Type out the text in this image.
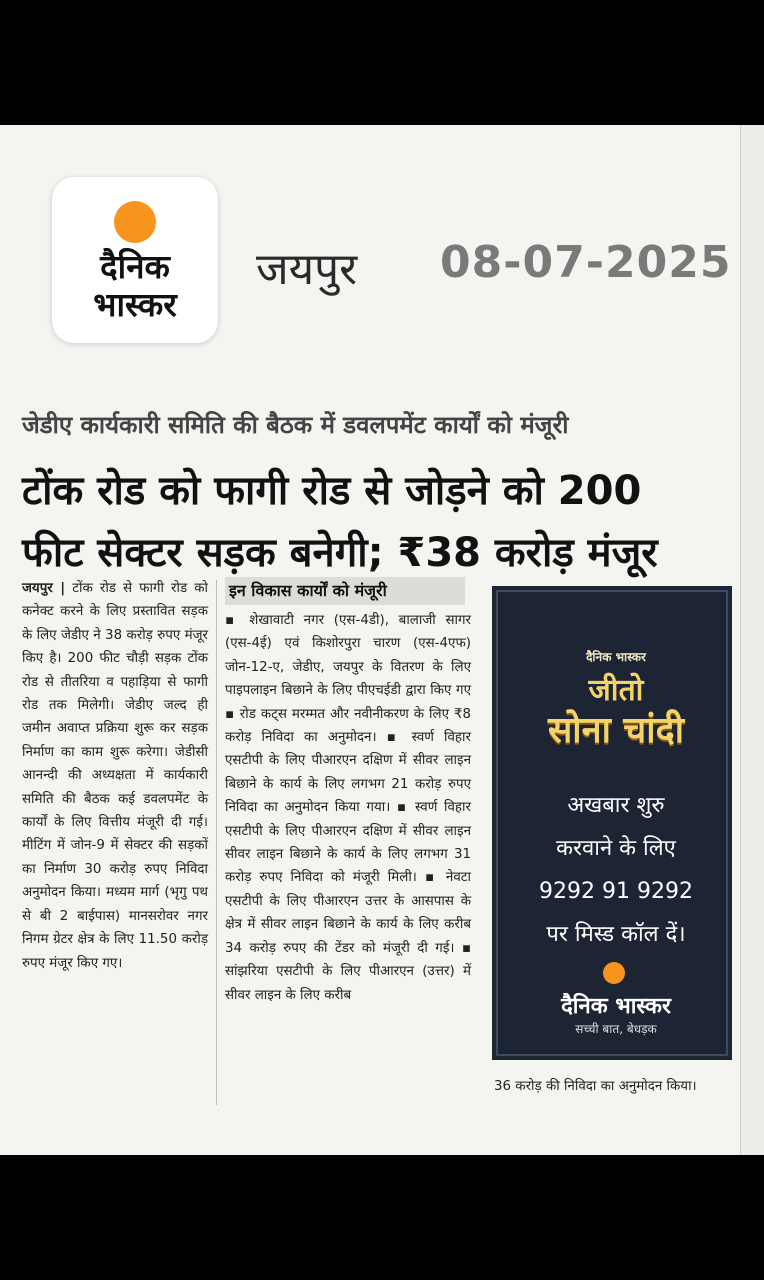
दैनिक
भास्कर
जयपुर 08-07-2025
जेडीए कार्यकारी समिति की बैठक में डवलपमेंट कार्यों को मंजूरी
टोंक रोड को फागी रोड से जोड़ने को 200
फीट सेक्टर सड़क बनेगी; ₹38 करोड़ मंजूर
जयपुर | टोंक रोड से फागी रोड को कनेक्ट करने के लिए प्रस्तावित सड़क के लिए जेडीए ने 38 करोड़ रुपए मंजूर किए है। 200 फीट चौड़ी सड़क टोंक रोड से तीतरिया व पहाड़िया से फागी रोड तक मिलेगी। जेडीए जल्द ही जमीन अवाप्त प्रक्रिया शुरू कर सड़क निर्माण का काम शुरू करेगा। जेडीसी आनन्दी की अध्यक्षता में कार्यकारी समिति की बैठक कई डवलपमेंट के कार्यों के लिए वित्तीय मंजूरी दी गई। मीटिंग में जोन-9 में सेक्टर की सड़कों का निर्माण 30 करोड़ रुपए निविदा अनुमोदन किया। मध्यम मार्ग (भृगु पथ से बी 2 बाईपास) मानसरोवर नगर निगम ग्रेटर क्षेत्र के लिए 11.50 करोड़ रुपए मंजूर किए गए।
इन विकास कार्यों को मंजूरी
▪ शेखावाटी नगर (एस-4डी), बालाजी सागर (एस-4ई) एवं किशोरपुरा चारण (एस-4एफ) जोन-12-ए, जेडीए, जयपुर के वितरण के लिए पाइपलाइन बिछाने के लिए पीएचईडी द्वारा किए गए ▪ रोड कट्स मरम्मत और नवीनीकरण के लिए ₹8 करोड़ निविदा का अनुमोदन। ▪ स्वर्ण विहार एसटीपी के लिए पीआरएन दक्षिण में सीवर लाइन बिछाने के कार्य के लिए लगभग 21 करोड़ रुपए निविदा का अनुमोदन किया गया। ▪ स्वर्ण विहार एसटीपी के लिए पीआरएन दक्षिण में सीवर लाइन सीवर लाइन बिछाने के कार्य के लिए लगभग 31 करोड़ रुपए निविदा को मंजूरी मिली। ▪ नेवटा एसटीपी के लिए पीआरएन उत्तर के आसपास के क्षेत्र में सीवर लाइन बिछाने के कार्य के लिए करीब 34 करोड़ रुपए की टेंडर को मंजूरी दी गई। ▪ सांझरिया एसटीपी के लिए पीआरएन (उत्तर) में सीवर लाइन के लिए करीब
दैनिक भास्कर
जीतो
सोना चांदी
अखबार शुरु
करवाने के लिए
9292 91 9292
पर मिस्ड कॉल दें।
दैनिक भास्कर
सच्ची बात, बेधड़क
36 करोड़ की निविदा का अनुमोदन किया।
